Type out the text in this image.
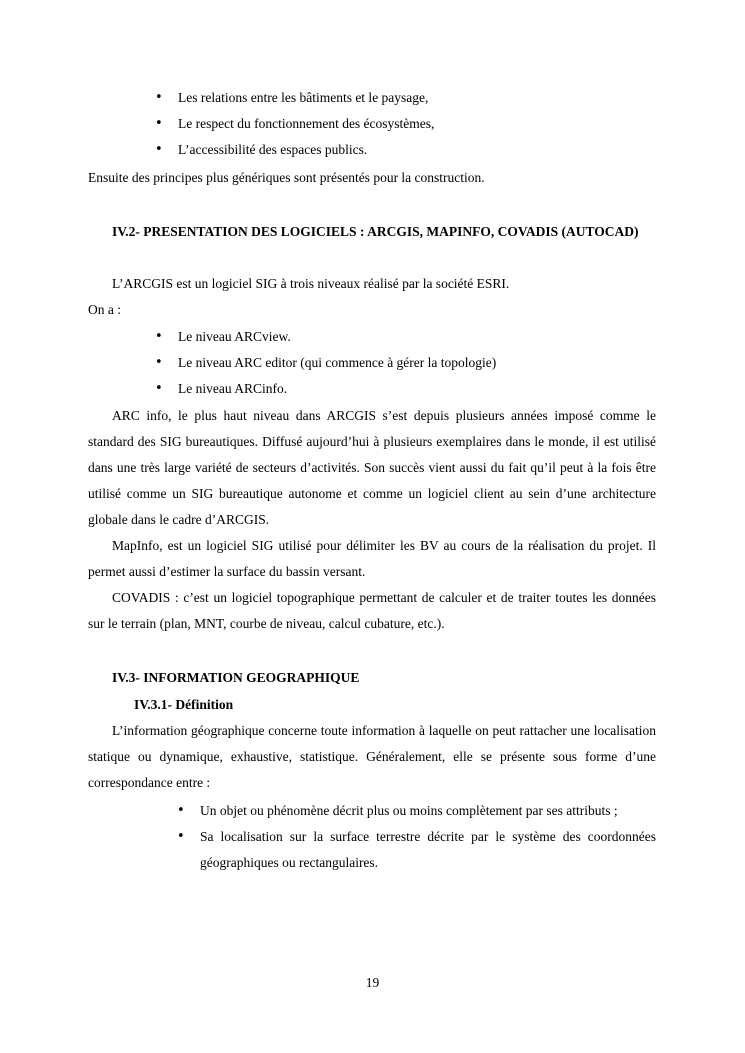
• Les relations entre les bâtiments et le paysage,
• Le respect du fonctionnement des écosystèmes,
• L’accessibilité des espaces publics.

Ensuite des principes plus génériques sont présentés pour la construction.

IV.2- PRESENTATION DES LOGICIELS : ARCGIS, MAPINFO, COVADIS (AUTOCAD)

L’ARCGIS est un logiciel SIG à trois niveaux réalisé par la société ESRI.

On a :

• Le niveau ARCview.
• Le niveau ARC editor (qui commence à gérer la topologie)
• Le niveau ARCinfo.

ARC info, le plus haut niveau dans ARCGIS s’est depuis plusieurs années imposé comme le standard des SIG bureautiques. Diffusé aujourd’hui à plusieurs exemplaires dans le monde, il est utilisé dans une très large variété de secteurs d’activités. Son succès vient aussi du fait qu’il peut à la fois être utilisé comme un SIG bureautique autonome et comme un logiciel client au sein d’une architecture globale dans le cadre d’ARCGIS.

MapInfo, est un logiciel SIG utilisé pour délimiter les BV au cours de la réalisation du projet. Il permet aussi d’estimer la surface du bassin versant.

COVADIS : c’est un logiciel topographique permettant de calculer et de traiter toutes les données sur le terrain (plan, MNT, courbe de niveau, calcul cubature, etc.).

IV.3- INFORMATION GEOGRAPHIQUE

IV.3.1- Définition

L’information géographique concerne toute information à laquelle on peut rattacher une localisation statique ou dynamique, exhaustive, statistique. Généralement, elle se présente sous forme d’une correspondance entre :

• Un objet ou phénomène décrit plus ou moins complètement par ses attributs ;
• Sa localisation sur la surface terrestre décrite par le système des coordonnées géographiques ou rectangulaires.
19
